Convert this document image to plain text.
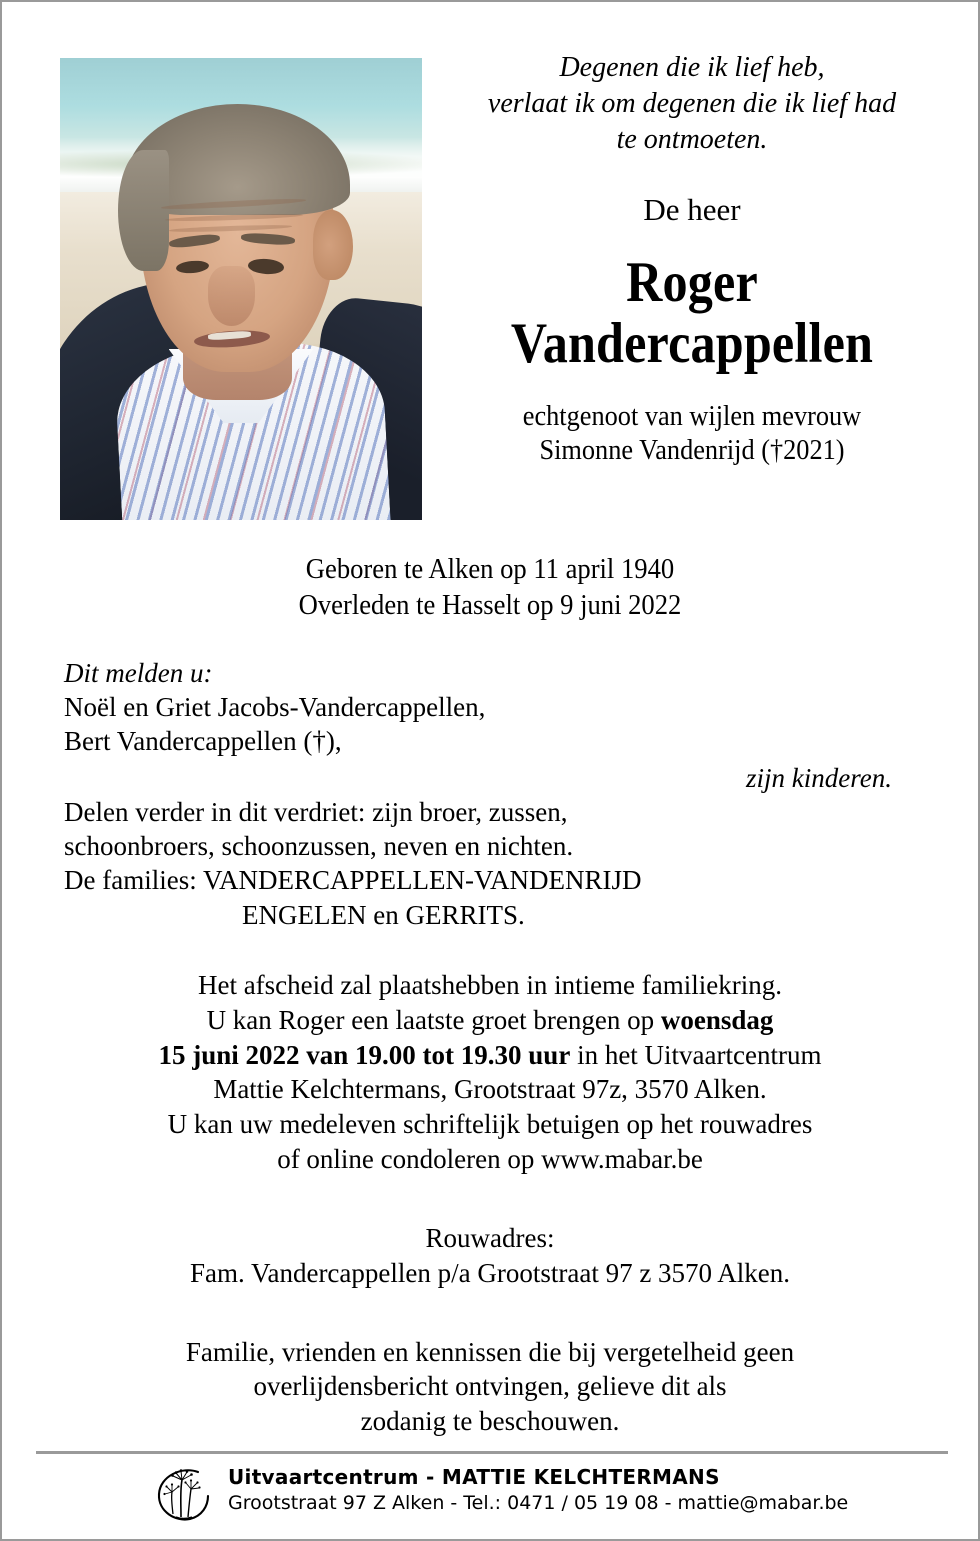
Degenen die ik lief heb,
verlaat ik om degenen die ik lief had
te ontmoeten.
De heer
Roger
Vandercappellen
echtgenoot van wijlen mevrouw
Simonne Vandenrijd (†2021)
Geboren te Alken op 11 april 1940
Overleden te Hasselt op 9 juni 2022
Dit melden u:
Noël en Griet Jacobs-Vandercappellen,
Bert Vandercappellen (†),
zijn kinderen.
Delen verder in dit verdriet: zijn broer, zussen,
schoonbroers, schoonzussen, neven en nichten.
De families: VANDERCAPPELLEN-VANDENRIJD
ENGELEN en GERRITS.
Het afscheid zal plaatshebben in intieme familiekring.
U kan Roger een laatste groet brengen op woensdag
15 juni 2022 van 19.00 tot 19.30 uur in het Uitvaartcentrum
Mattie Kelchtermans, Grootstraat 97z, 3570 Alken.
U kan uw medeleven schriftelijk betuigen op het rouwadres
of online condoleren op www.mabar.be
Rouwadres:
Fam. Vandercappellen p/a Grootstraat 97 z 3570 Alken.
Familie, vrienden en kennissen die bij vergetelheid geen
overlijdensbericht ontvingen, gelieve dit als
zodanig te beschouwen.
Uitvaartcentrum - MATTIE KELCHTERMANS
Grootstraat 97 Z Alken - Tel.: 0471 / 05 19 08 - mattie@mabar.be
